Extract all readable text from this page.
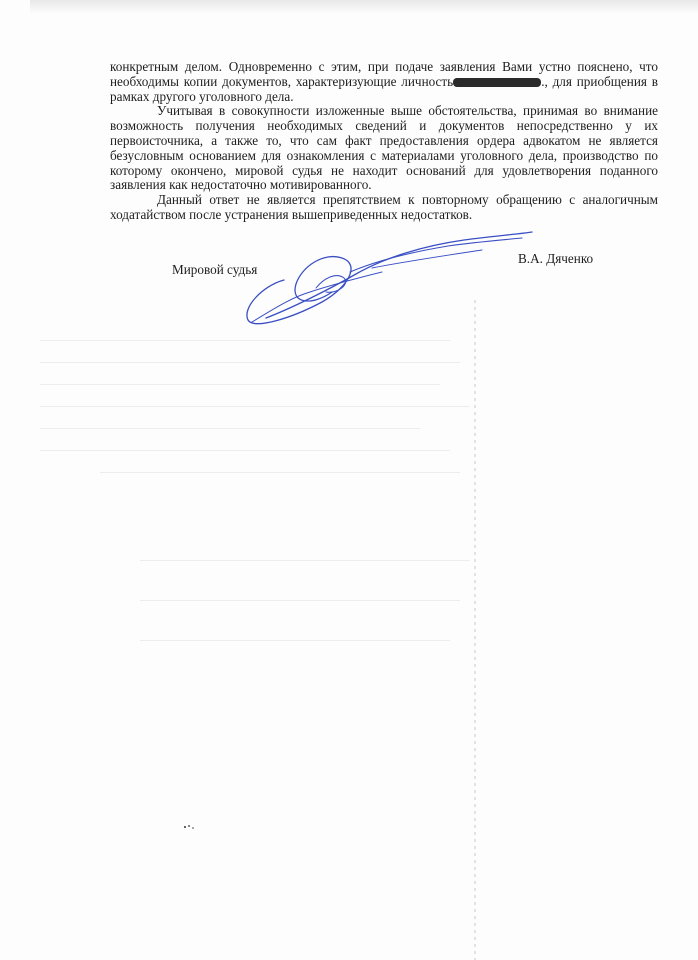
конкретным делом. Одновременно с этим, при подаче заявления Вами устно пояснено, что необходимы копии документов, характеризующие личность	., для приобщения в рамках другого уголовного дела.

Учитывая в совокупности изложенные выше обстоятельства, принимая во внимание возможность получения необходимых сведений и документов непосредственно у их первоисточника, а также то, что сам факт предоставления ордера адвокатом не является безусловным основанием для ознакомления с материалами уголовного дела, производство по которому окончено, мировой судья не находит оснований для удовлетворения поданного заявления как недостаточно мотивированного.

Данный ответ не является препятствием к повторному обращению с аналогичным ходатайством после устранения вышеприведенных недостатков.

Мировой судья
В.А. Дяченко
